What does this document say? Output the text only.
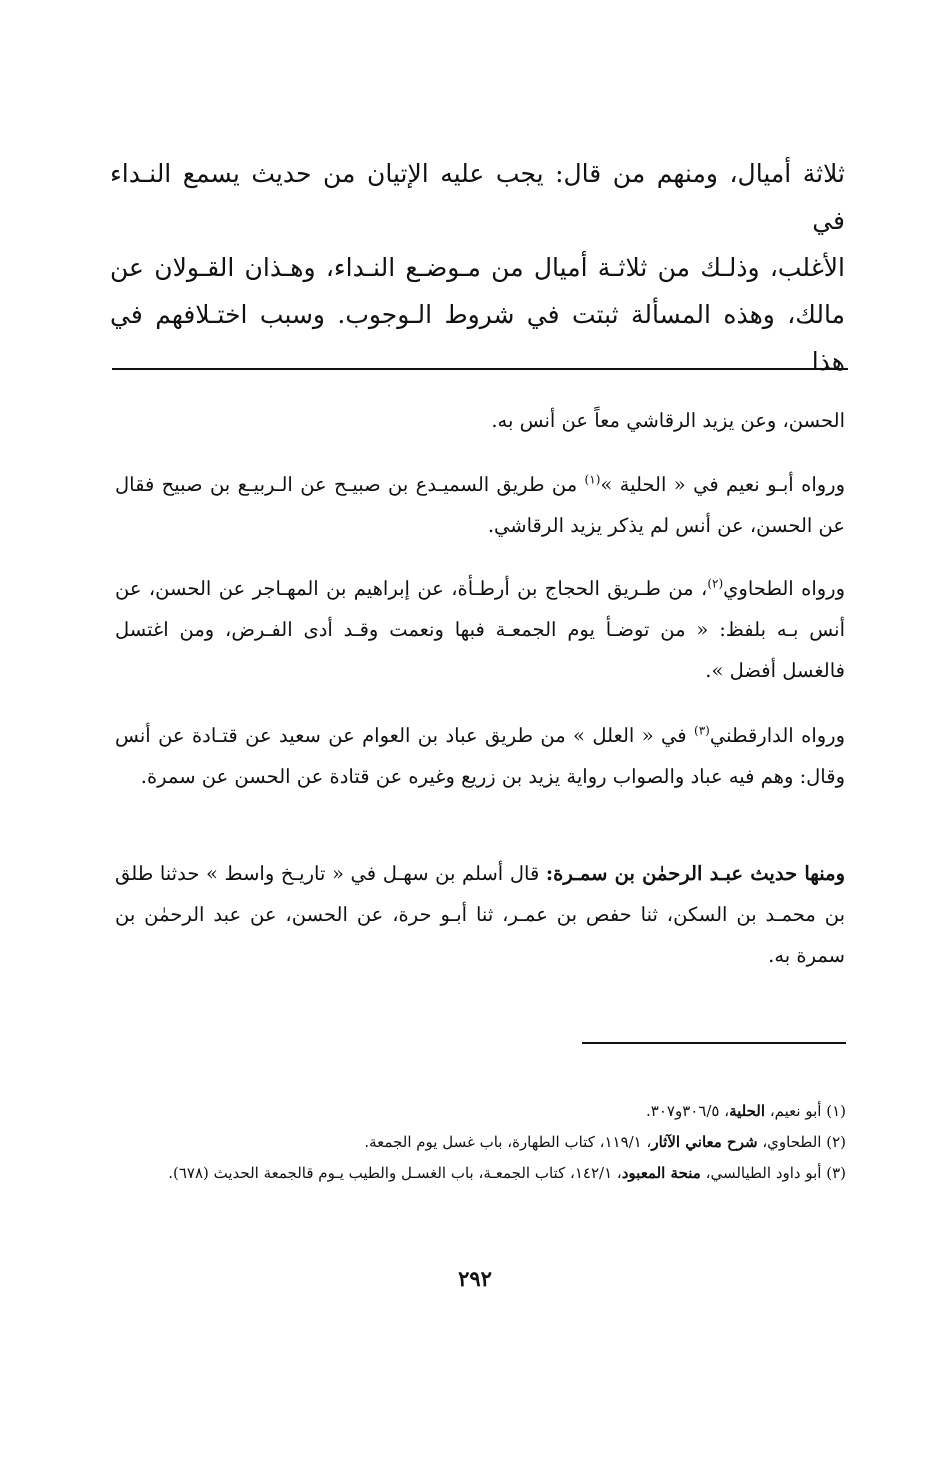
ثلاثة أميال، ومنهم من قال: يجب عليه الإتيان من حديث يسمع النـداء في
الأغلب، وذلـك من ثلاثـة أميال من مـوضـع النـداء، وهـذان القـولان عن
مالك، وهذه المسألة ثبتت في شروط الـوجوب. وسبب اختـلافهم في هذا

الحسن، وعن يزيد الرقاشي معاً عن أنس به.

ورواه أبـو نعيم في « الحلية »$^{(١)}$ من طريق السميـدع بن صبيـح عن الـربيـع بن صبيح فقال عن الحسن، عن أنس لم يذكر يزيد الرقاشي.

ورواه الطحاوي$^{(٢)}$، من طـريق الحجاج بن أرطـأة، عن إبراهيم بن المهـاجر عن الحسن، عن أنس بـه بلفظ: « من توضـأ يوم الجمعـة فبها ونعمت وقـد أدى الفـرض، ومن اغتسل فالغسل أفضل ».

ورواه الدارقطني$^{(٣)}$ في « العلل » من طريق عباد بن العوام عن سعيد عن قتـادة عن أنس وقال: وهم فيه عباد والصواب رواية يزيد بن زريع وغيره عن قتادة عن الحسن عن سمرة.

ومنها حديث عبـد الرحمٰن بن سمـرة: قال أسلم بن سهـل في « تاريـخ واسط » حدثنا طلق بن محمـد بن السكن، ثنا حفص بن عمـر، ثنا أبـو حرة، عن الحسن، عن عبد الرحمٰن بن سمرة به.

(١) أبو نعيم، الحلية، ٣٠٦/٥و٣٠٧.

(٢) الطحاوي، شرح معاني الآثار، ١١٩/١، كتاب الطهارة، باب غسل يوم الجمعة.

(٣) أبو داود الطيالسي، منحة المعبود، ١٤٢/١، كتاب الجمعـة، باب الغسـل والطيب يـوم قالجمعة الحديث (٦٧٨).

٢٩٢
